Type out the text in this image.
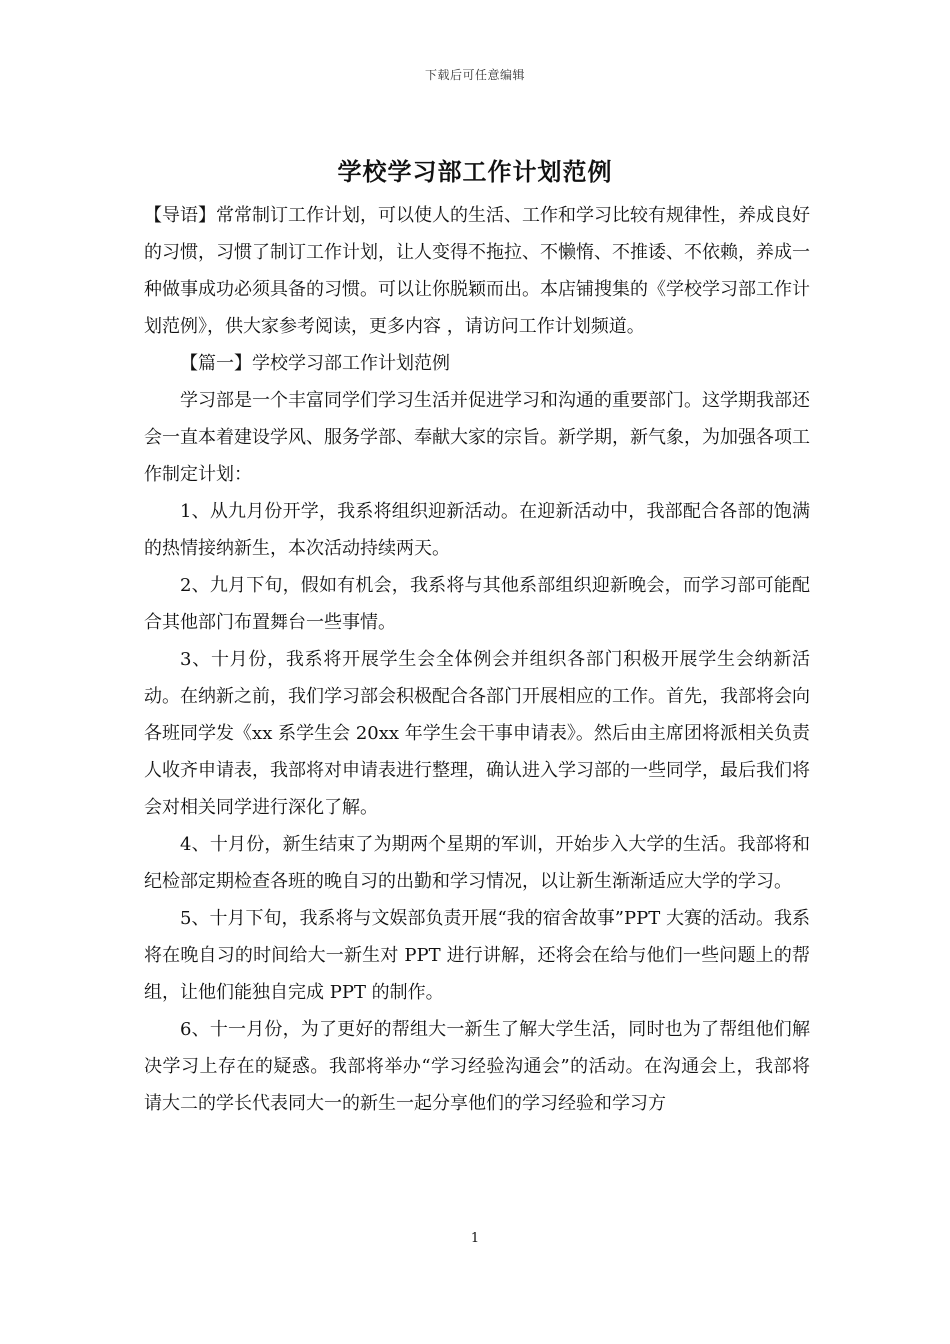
下载后可任意编辑
学校学习部工作计划范例

【导语】常常制订工作计划，可以使人的生活、工作和学习比较有规律性，养成良好的习惯，习惯了制订工作计划，让人变得不拖拉、不懒惰、不推诿、不依赖，养成一种做事成功必须具备的习惯。可以让你脱颖而出。本店铺搜集的《学校学习部工作计划范例》，供大家参考阅读，更多内容 ，请访问工作计划频道。

【篇一】学校学习部工作计划范例

学习部是一个丰富同学们学习生活并促进学习和沟通的重要部门。这学期我部还会一直本着建设学风、服务学部、奉献大家的宗旨。新学期，新气象，为加强各项工作制定计划：

1、从九月份开学，我系将组织迎新活动。在迎新活动中，我部配合各部的饱满的热情接纳新生，本次活动持续两天。

2、九月下旬，假如有机会，我系将与其他系部组织迎新晚会，而学习部可能配合其他部门布置舞台一些事情。

3、十月份，我系将开展学生会全体例会并组织各部门积极开展学生会纳新活动。在纳新之前，我们学习部会积极配合各部门开展相应的工作。首先，我部将会向各班同学发《xx 系学生会 20xx 年学生会干事申请表》。然后由主席团将派相关负责人收齐申请表，我部将对申请表进行整理，确认进入学习部的一些同学，最后我们将会对相关同学进行深化了解。

4、十月份，新生结束了为期两个星期的军训，开始步入大学的生活。我部将和纪检部定期检查各班的晚自习的出勤和学习情况，以让新生渐渐适应大学的学习。

5、十月下旬，我系将与文娱部负责开展“我的宿舍故事”PPT 大赛的活动。我系将在晚自习的时间给大一新生对 PPT 进行讲解，还将会在给与他们一些问题上的帮组，让他们能独自完成 PPT 的制作。

6、十一月份，为了更好的帮组大一新生了解大学生活，同时也为了帮组他们解决学习上存在的疑惑。我部将举办“学习经验沟通会”的活动。在沟通会上，我部将请大二的学长代表同大一的新生一起分享他们的学习经验和学习方

1
